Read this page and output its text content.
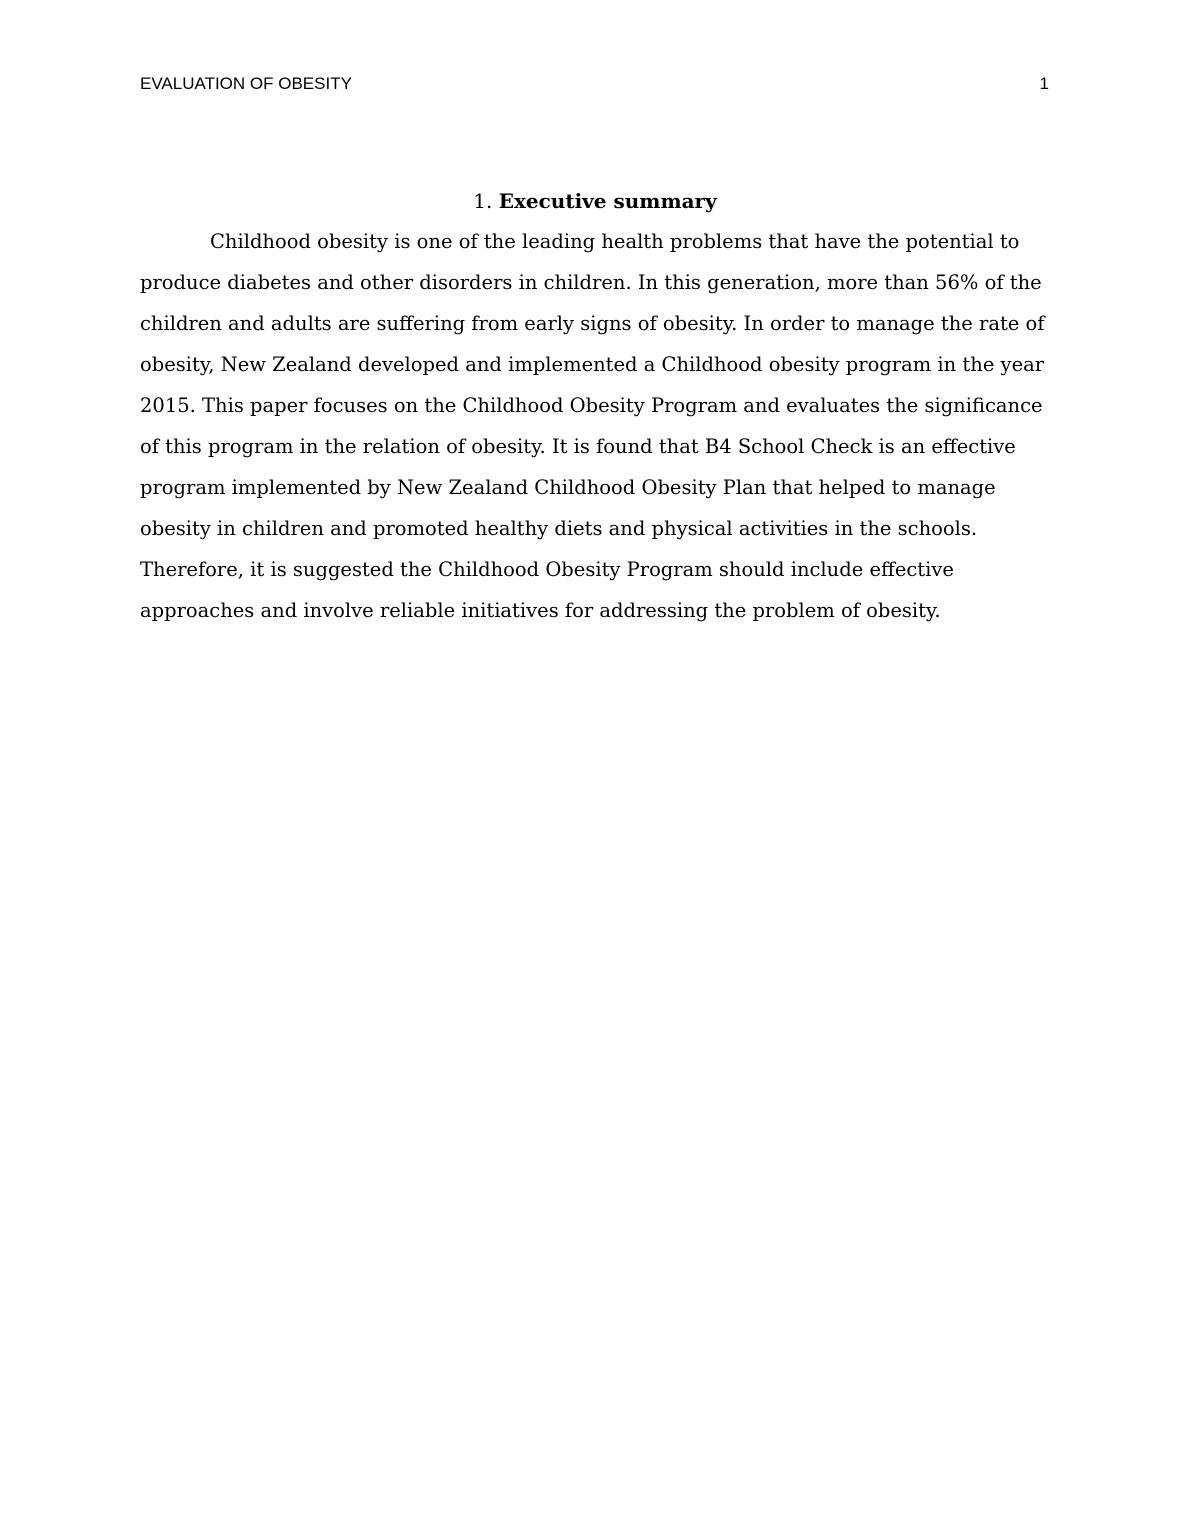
EVALUATION OF OBESITY	1
1. Executive summary

Childhood obesity is one of the leading health problems that have the potential to produce diabetes and other disorders in children. In this generation, more than 56% of the children and adults are suffering from early signs of obesity. In order to manage the rate of obesity, New Zealand developed and implemented a Childhood obesity program in the year 2015. This paper focuses on the Childhood Obesity Program and evaluates the significance of this program in the relation of obesity. It is found that B4 School Check is an effective program implemented by New Zealand Childhood Obesity Plan that helped to manage obesity in children and promoted healthy diets and physical activities in the schools. Therefore, it is suggested the Childhood Obesity Program should include effective approaches and involve reliable initiatives for addressing the problem of obesity.
